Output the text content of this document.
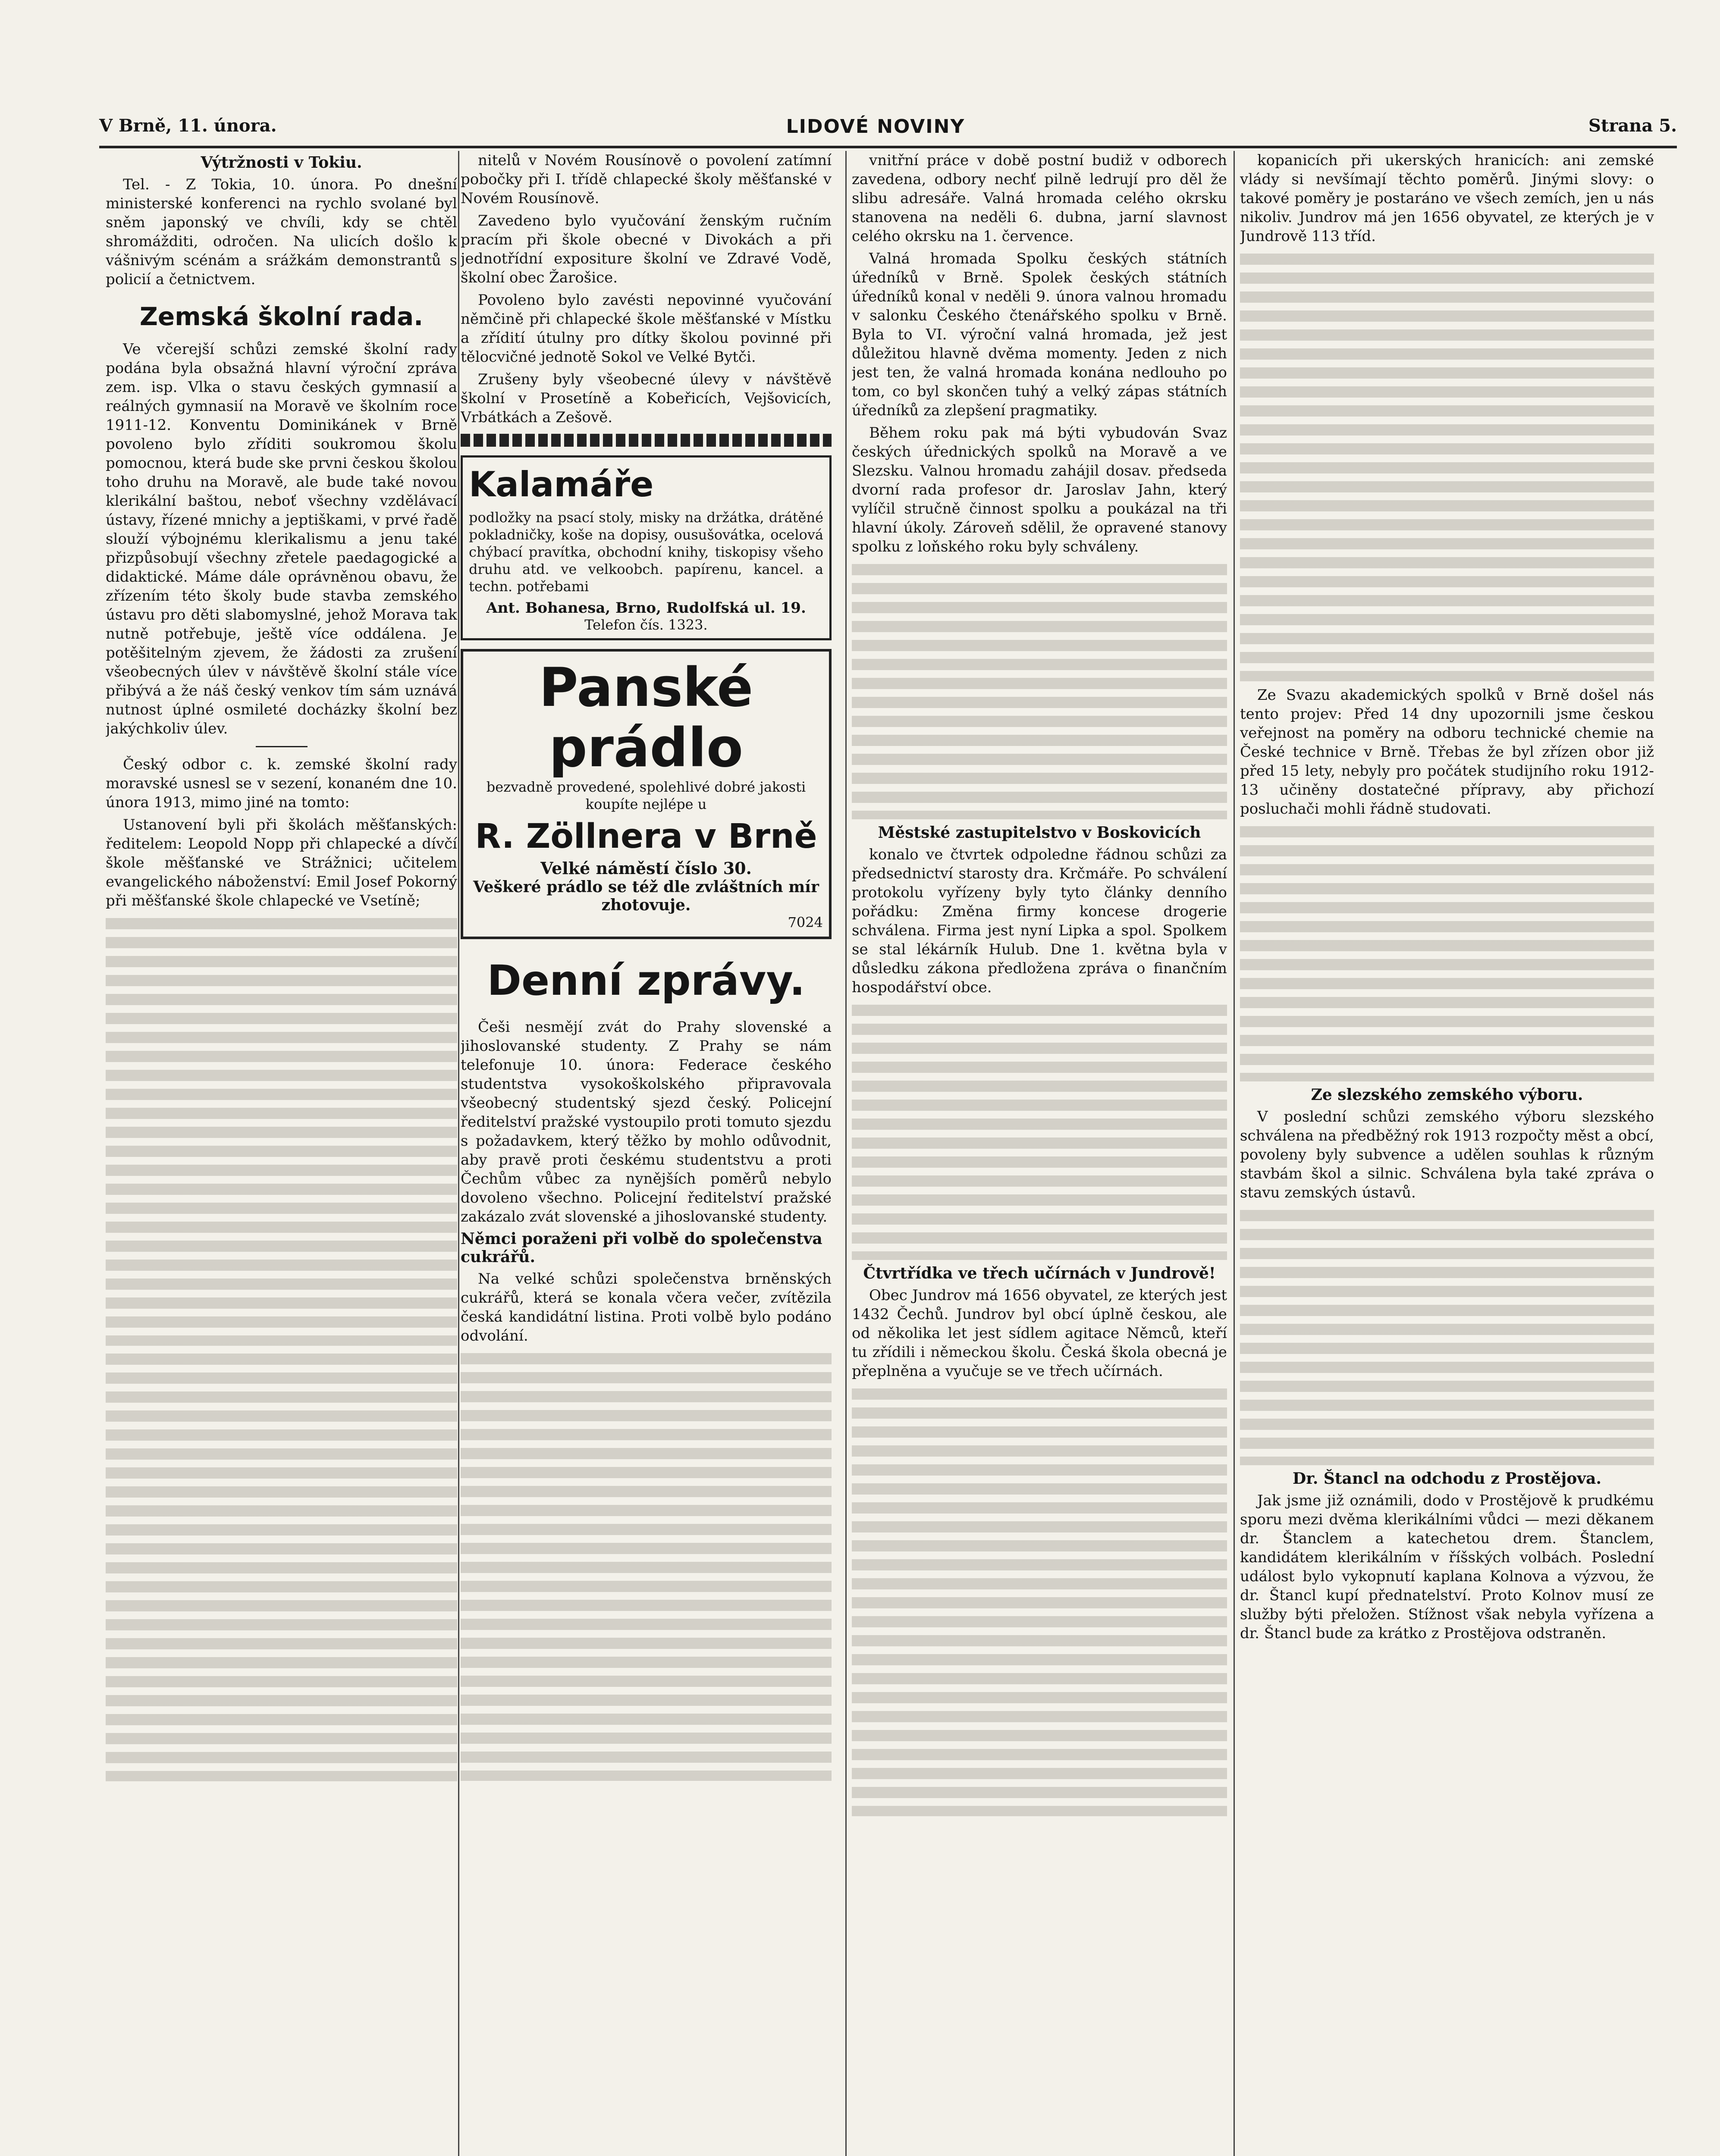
V Brně, 11. února.	LIDOVÉ NOVINY	Strana 5.
Výtržnosti v Tokiu.

Tel. - Z Tokia, 10. února. Po dnešní ministerské konferenci na rychlo svolané byl sněm japonský ve chvíli, kdy se chtěl shromážditi, odročen. Na ulicích došlo k vášnivým scénám a srážkám demonstrantů s policií a četnictvem.

Zemská školní rada.

Ve včerejší schůzi zemské školní rady podána byla obsažná hlavní výroční zpráva zem. isp. Vlka o stavu českých gymnasií a reálných gymnasií na Moravě ve školním roce 1911-12. Konventu Dominikánek v Brně povoleno bylo zříditi soukromou školu pomocnou, která bude ske prvni českou školou toho druhu na Moravě, ale bude také novou klerikální baštou, neboť všechny vzdělávací ústavy, řízené mnichy a jeptiškami, v prvé řadě slouží výbojnému klerikalismu a jenu také přizpůsobují všechny zřetele paedagogické a didaktické. Máme dále oprávněnou obavu, že zřízením této školy bude stavba zemského ústavu pro děti slabomyslné, jehož Morava tak nutně potřebuje, ještě více oddálena. Je potěšitelným zjevem, že žádosti za zrušení všeobecných úlev v návštěvě školní stále více přibývá a že náš český venkov tím sám uznává nutnost úplné osmileté docházky školní bez jakýchkoliv úlev.

Český odbor c. k. zemské školní rady moravské usnesl se v sezení, konaném dne 10. února 1913, mimo jiné na tomto:

Ustanovení byli při školách měšťanských: ředitelem: Leopold Nopp při chlapecké a dívčí škole měšťanské ve Strážnici; učitelem evangelického náboženství: Emil Josef Pokorný při měšťanské škole chlapecké ve Vsetíně;

nitelů v Novém Rousínově o povolení zatímní pobočky při I. třídě chlapecké školy měšťanské v Novém Rousínově.

Zavedeno bylo vyučování ženským ručním pracím při škole obecné v Divokách a při jednotřídní expositure školní ve Zdravé Vodě, školní obec Žarošice.

Povoleno bylo zavésti nepovinné vyučování němčině při chlapecké škole měšťanské v Místku a zřídití útulny pro dítky školou povinné při tělocvičné jednotě Sokol ve Velké Bytči.

Zrušeny byly všeobecné úlevy v návštěvě školní v Prosetíně a Kobeřicích, Vejšovicích, Vrbátkách a Zešově.

Kalamáře
podložky na psací stoly, misky na držátka, drátěné pokladničky, koše na dopisy, ousušovátka, ocelová chýbací pravítka, obchodní knihy, tiskopisy všeho druhu atd. ve velkoobch. papírenu, kancel. a techn. potřebami
Ant. Bohanesa, Brno, Rudolfská ul. 19.
Telefon čís. 1323.
Panské prádlo
bezvadně provedené, spolehlivé dobré jakosti koupíte nejlépe u
R. Zöllnera v Brně
Velké náměstí číslo 30.
Veškeré prádlo se též dle zvláštních mír zhotovuje.
7024
Denní zprávy.

Češi nesmějí zvát do Prahy slovenské a jihoslovanské studenty. Z Prahy se nám telefonuje 10. února: Federace českého studentstva vysokoškolského připravovala všeobecný studentský sjezd český. Policejní ředitelství pražské vystoupilo proti tomuto sjezdu s požadavkem, který těžko by mohlo odůvodnit, aby pravě proti českému studentstvu a proti Čechům vůbec za nynějších poměrů nebylo dovoleno všechno. Policejní ředitelství pražské zakázalo zvát slovenské a jihoslovanské studenty.

Němci poraženi při volbě do společenstva cukrářů.

Na velké schůzi společenstva brněnských cukrářů, která se konala včera večer, zvítězila česká kandidátní listina. Proti volbě bylo podáno odvolání.

vnitřní práce v době postní budiž v odborech zavedena, odbory nechť pilně ledrují pro děl že slibu adresáře. Valná hromada celého okrsku stanovena na neděli 6. dubna, jarní slavnost celého okrsku na 1. července.

Valná hromada Spolku českých státních úředníků v Brně. Spolek českých státních úředníků konal v neděli 9. února valnou hromadu v salonku Českého čtenářského spolku v Brně. Byla to VI. výroční valná hromada, jež jest důležitou hlavně dvěma momenty. Jeden z nich jest ten, že valná hromada konána nedlouho po tom, co byl skončen tuhý a velký zápas státních úředníků za zlepšení pragmatiky.

Během roku pak má býti vybudován Svaz českých úřednických spolků na Moravě a ve Slezsku. Valnou hromadu zahájil dosav. předseda dvorní rada profesor dr. Jaroslav Jahn, který vylíčil stručně činnost spolku a poukázal na tři hlavní úkoly. Zároveň sdělil, že opravené stanovy spolku z loňského roku byly schváleny.

Městské zastupitelstvo v Boskovicích

konalo ve čtvrtek odpoledne řádnou schůzi za předsednictví starosty dra. Krčmáře. Po schválení protokolu vyřízeny byly tyto články denního pořádku: Změna firmy koncese drogerie schválena. Firma jest nyní Lipka a spol. Spolkem se stal lékárník Hulub. Dne 1. května byla v důsledku zákona předložena zpráva o finančním hospodářství obce.

Čtvrtřídka ve třech učírnách v Jundrově!

Obec Jundrov má 1656 obyvatel, ze kterých jest 1432 Čechů. Jundrov byl obcí úplně českou, ale od několika let jest sídlem agitace Němců, kteří tu zřídili i německou školu. Česká škola obecná je přeplněna a vyučuje se ve třech učírnách.

kopanicích při ukerských hranicích: ani zemské vlády si nevšímají těchto poměrů. Jinými slovy: o takové poměry je postaráno ve všech zemích, jen u nás nikoliv. Jundrov má jen 1656 obyvatel, ze kterých je v Jundrově 113 tříd.

Ze Svazu akademických spolků v Brně došel nás tento projev: Před 14 dny upozornili jsme českou veřejnost na poměry na odboru technické chemie na České technice v Brně. Třebas že byl zřízen obor již před 15 lety, nebyly pro počátek studijního roku 1912-13 učiněny dostatečné přípravy, aby přichozí posluchači mohli řádně studovati.

Ze slezského zemského výboru.

V poslední schůzi zemského výboru slezského schválena na předběžný rok 1913 rozpočty měst a obcí, povoleny byly subvence a udělen souhlas k různým stavbám škol a silnic. Schválena byla také zpráva o stavu zemských ústavů.

Dr. Štancl na odchodu z Prostějova.

Jak jsme již oznámili, dodo v Prostějově k prudkému sporu mezi dvěma klerikálními vůdci — mezi děkanem dr. Štanclem a katechetou drem. Štanclem, kandidátem klerikálním v říšských volbách. Poslední událost bylo vykopnutí kaplana Kolnova a výzvou, že dr. Štancl kupí přednatelství. Proto Kolnov musí ze služby býti přeložen. Stížnost však nebyla vyřízena a dr. Štancl bude za krátko z Prostějova odstraněn.
